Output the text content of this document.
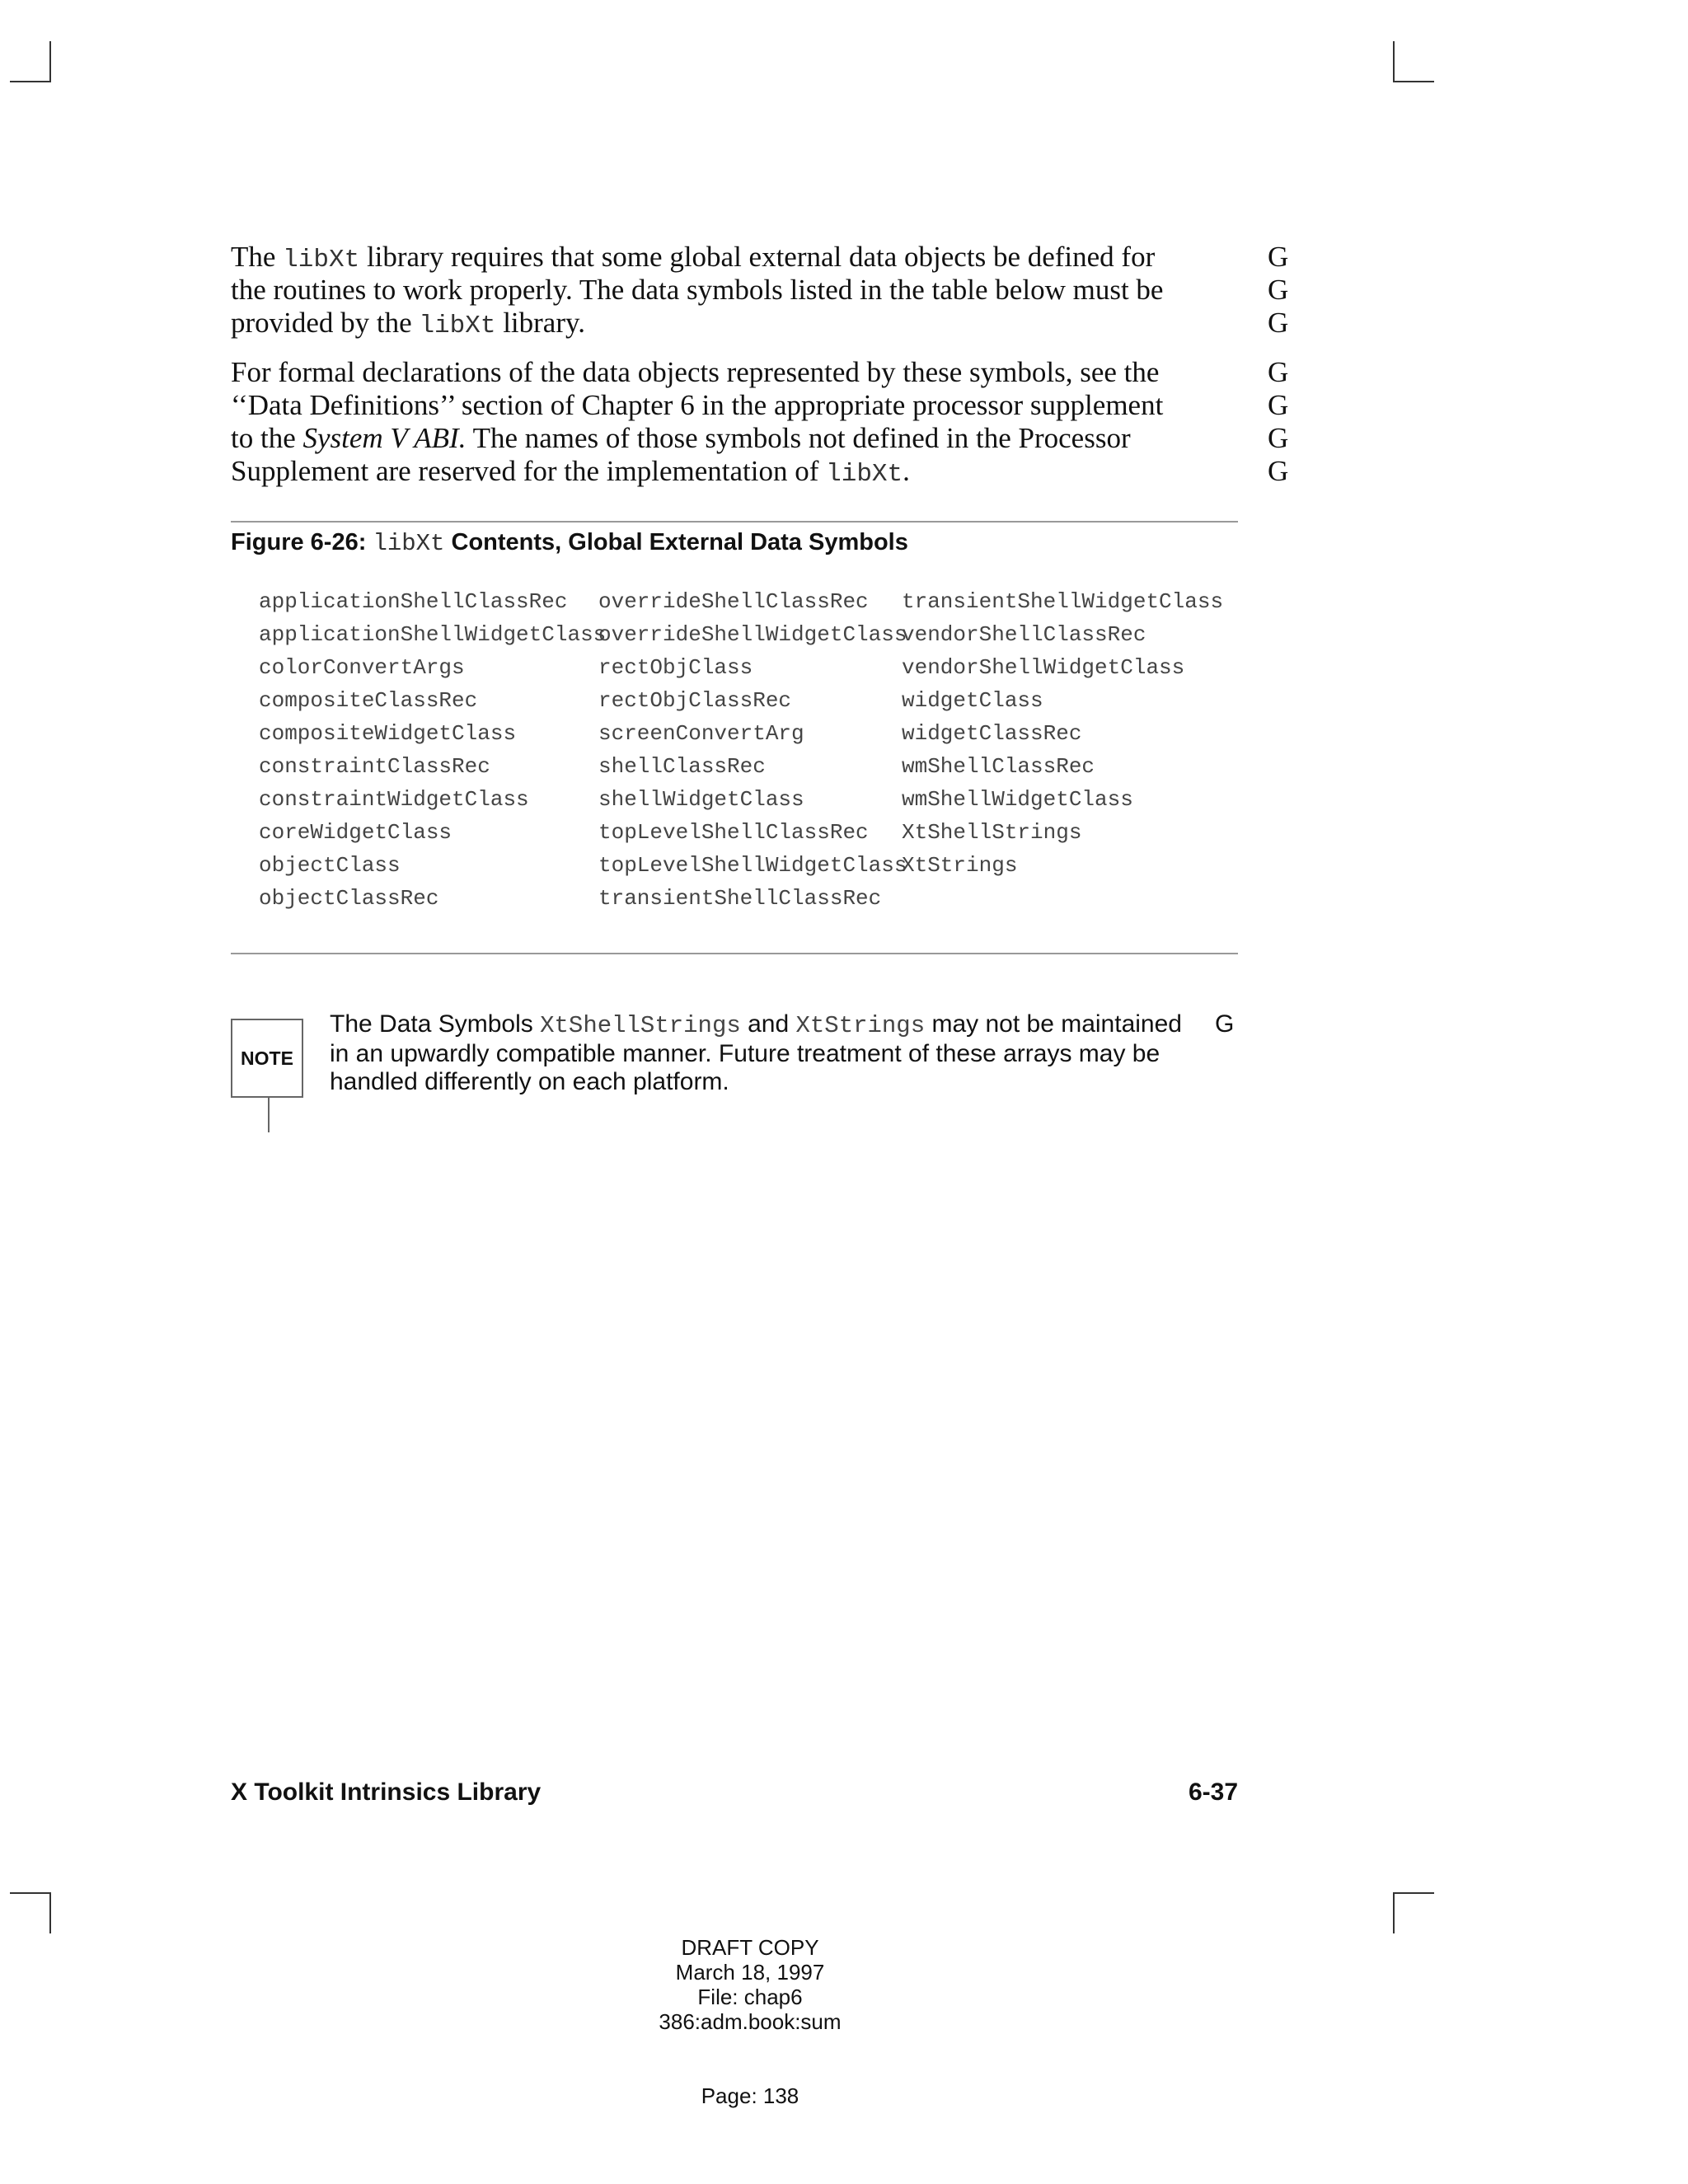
The libXt library requires that some global external data objects be defined for
the routines to work properly. The data symbols listed in the table below must be
provided by the libXt library.
G
G
G
For formal declarations of the data objects represented by these symbols, see the
‘‘Data Definitions’’ section of Chapter 6 in the appropriate processor supplement
to the System V ABI. The names of those symbols not defined in the Processor
Supplement are reserved for the implementation of libXt.
G
G
G
G
Figure 6-26: libXt Contents, Global External Data Symbols
applicationShellClassRec
applicationShellWidgetClass
colorConvertArgs
compositeClassRec
compositeWidgetClass
constraintClassRec
constraintWidgetClass
coreWidgetClass
objectClass
objectClassRec
overrideShellClassRec
overrideShellWidgetClass
rectObjClass
rectObjClassRec
screenConvertArg
shellClassRec
shellWidgetClass
topLevelShellClassRec
topLevelShellWidgetClass
transientShellClassRec
transientShellWidgetClass
vendorShellClassRec
vendorShellWidgetClass
widgetClass
widgetClassRec
wmShellClassRec
wmShellWidgetClass
XtShellStrings
XtStrings
NOTE
The Data Symbols XtShellStrings and XtStrings may not be maintained
in an upwardly compatible manner. Future treatment of these arrays may be
handled differently on each platform.
G
X Toolkit Intrinsics Library	6-37
DRAFT COPY
March 18, 1997
File: chap6
386:adm.book:sum
Page: 138
